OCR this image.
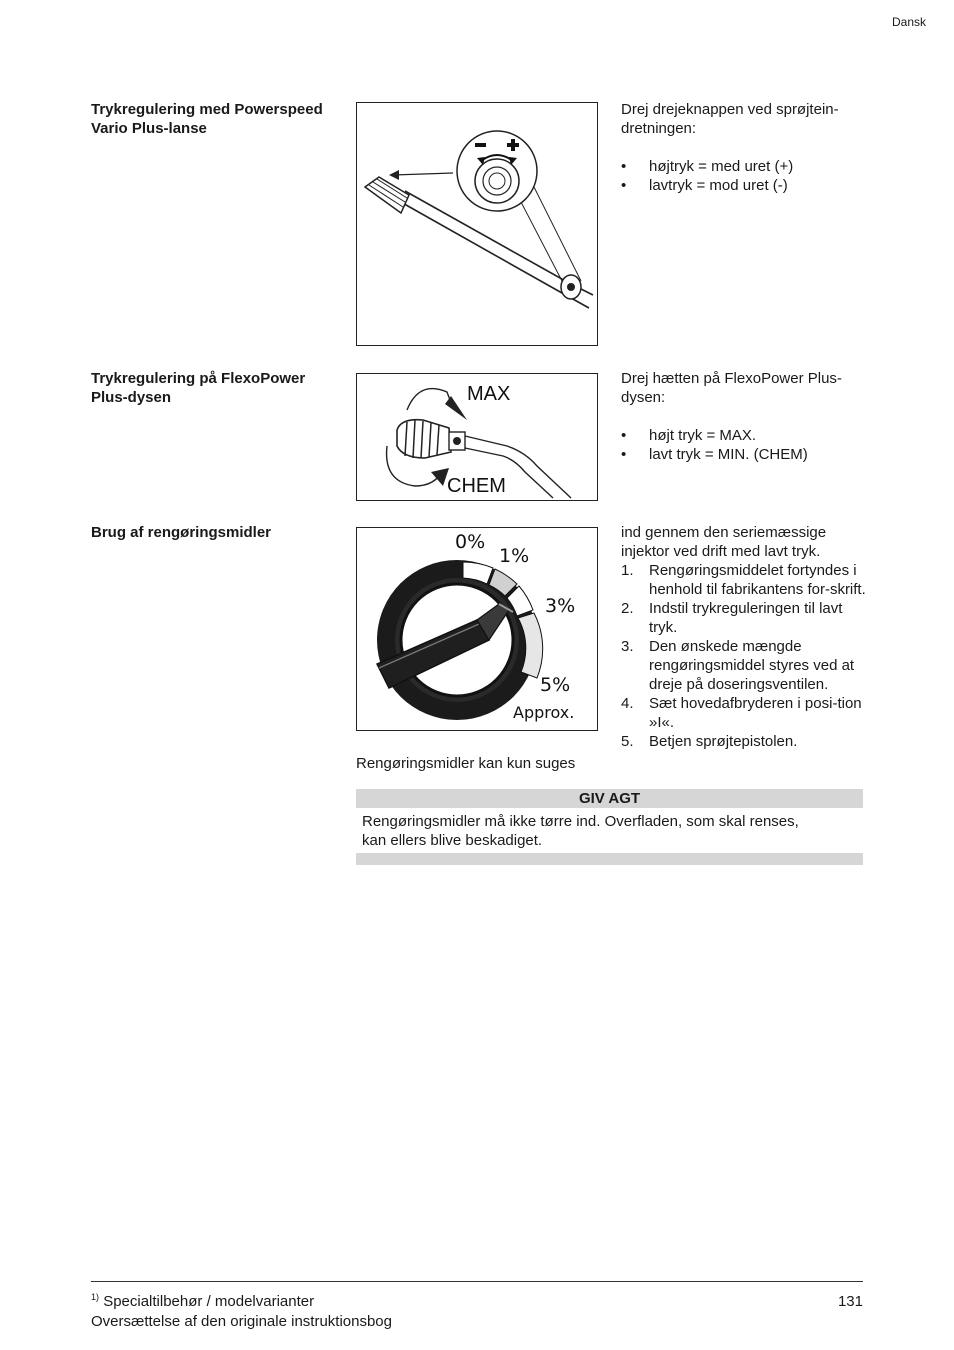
Dansk
Trykregulering med Powerspeed Vario Plus-lanse

Drej drejeknappen ved sprøjtein-dretningen:

• højtryk = med uret (+)
• lavtryk = mod uret (-)
Trykregulering på FlexoPower Plus-dysen	MAX
CHEM

Drej hætten på FlexoPower Plus-dysen:

• højt tryk = MAX.
• lavt tryk = MIN. (CHEM)
Brug af rengøringsmidler	0%
1%
3%
5%
Approx.
Rengøringsmidler kan kun suges

ind gennem den seriemæssige injektor ved drift med lavt tryk.

1. Rengøringsmiddelet fortyndes i henhold til fabrikantens for-skrift.
2. Indstil trykreguleringen til lavt tryk.
3. Den ønskede mængde rengøringsmiddel styres ved at dreje på doseringsventilen.
4. Sæt hovedafbryderen i posi-tion »I«.
5. Betjen sprøjtepistolen.
GIV AGT
Rengøringsmidler må ikke tørre ind. Overfladen, som skal renses,
kan ellers blive beskadiget.
$^{1)}$ Specialtilbehør / modelvarianter
Oversættelse af den originale instruktionsbog
131
